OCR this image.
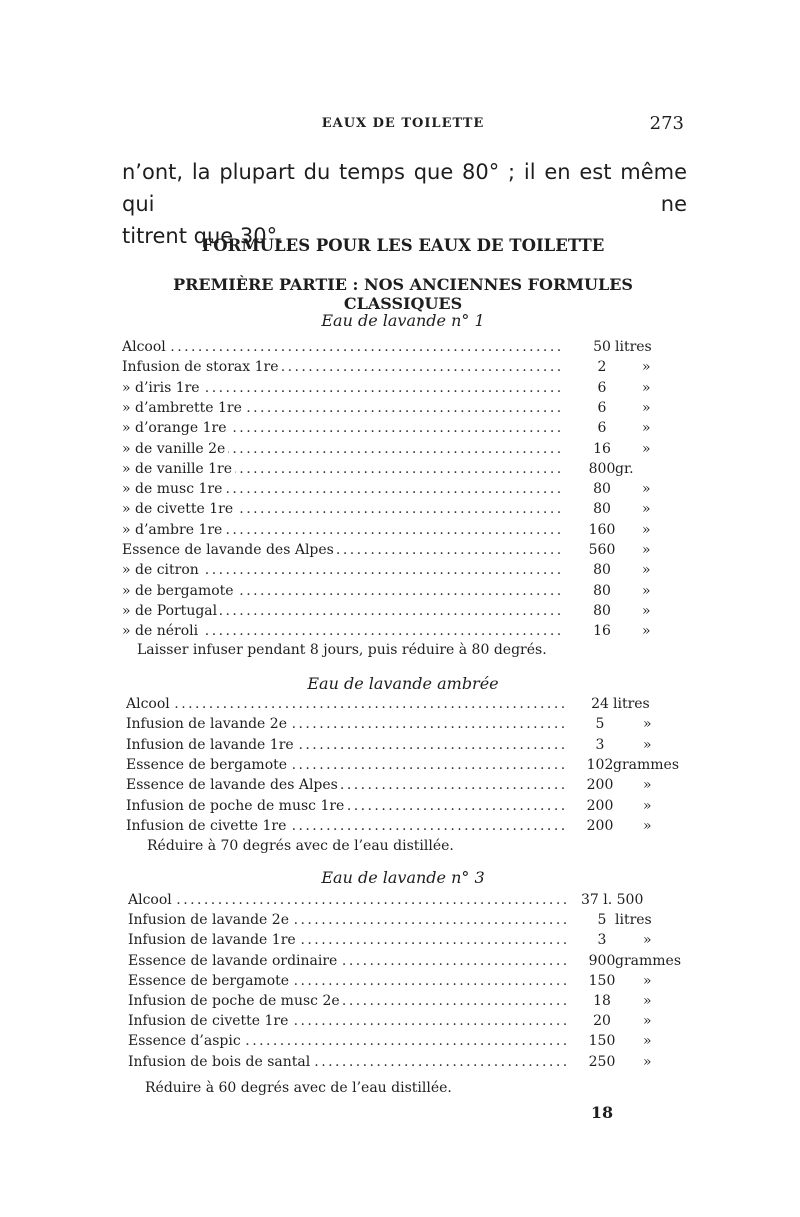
EAUX DE TOILETTE	273
n’ont, la plupart du temps que 80° ; il en est même qui ne
titrent que 30°.
FORMULES POUR LES EAUX DE TOILETTE
PREMIÈRE PARTIE : NOS ANCIENNES FORMULES CLASSIQUES
Eau de lavande n° 1
Alcool . . .	50 litres
Infusion de storax 1re . . .	2	»
» d’iris 1re . . .	6	»
» d’ambrette 1re . . .	6	»
» d’orange 1re . . .	6	»
» de vanille 2e . . .	16	»
» de vanille 1re . . .	800 gr.
» de musc 1re . . .	80	»
» de civette 1re . . .	80	»
» d’ambre 1re . . .	160	»
Essence de lavande des Alpes . . .	560	»
» de citron . . .	80	»
» de bergamote . . .	80	»
» de Portugal . . .	80	»
» de néroli . . .	16	»
Laisser infuser pendant 8 jours, puis réduire à 80 degrés.
Eau de lavande ambrée
Alcool . . .	24 litres
Infusion de lavande 2e . . .	5	»
Infusion de lavande 1re . . .	3	»
Essence de bergamote . . .	102 grammes
Essence de lavande des Alpes . . .	200	»
Infusion de poche de musc 1re . . .	200	»
Infusion de civette 1re . . .	200	»
Réduire à 70 degrés avec de l’eau distillée.
Eau de lavande n° 3
Alcool . . .	37 l. 500
Infusion de lavande 2e . . .	5 litres
Infusion de lavande 1re . . .	3	»
Essence de lavande ordinaire . . .	900 grammes
Essence de bergamote . . .	150	»
Infusion de poche de musc 2e . . .	18	»
Infusion de civette 1re . . .	20	»
Essence d’aspic . . .	150	»
Infusion de bois de santal . . .	250	»
Réduire à 60 degrés avec de l’eau distillée.
18
